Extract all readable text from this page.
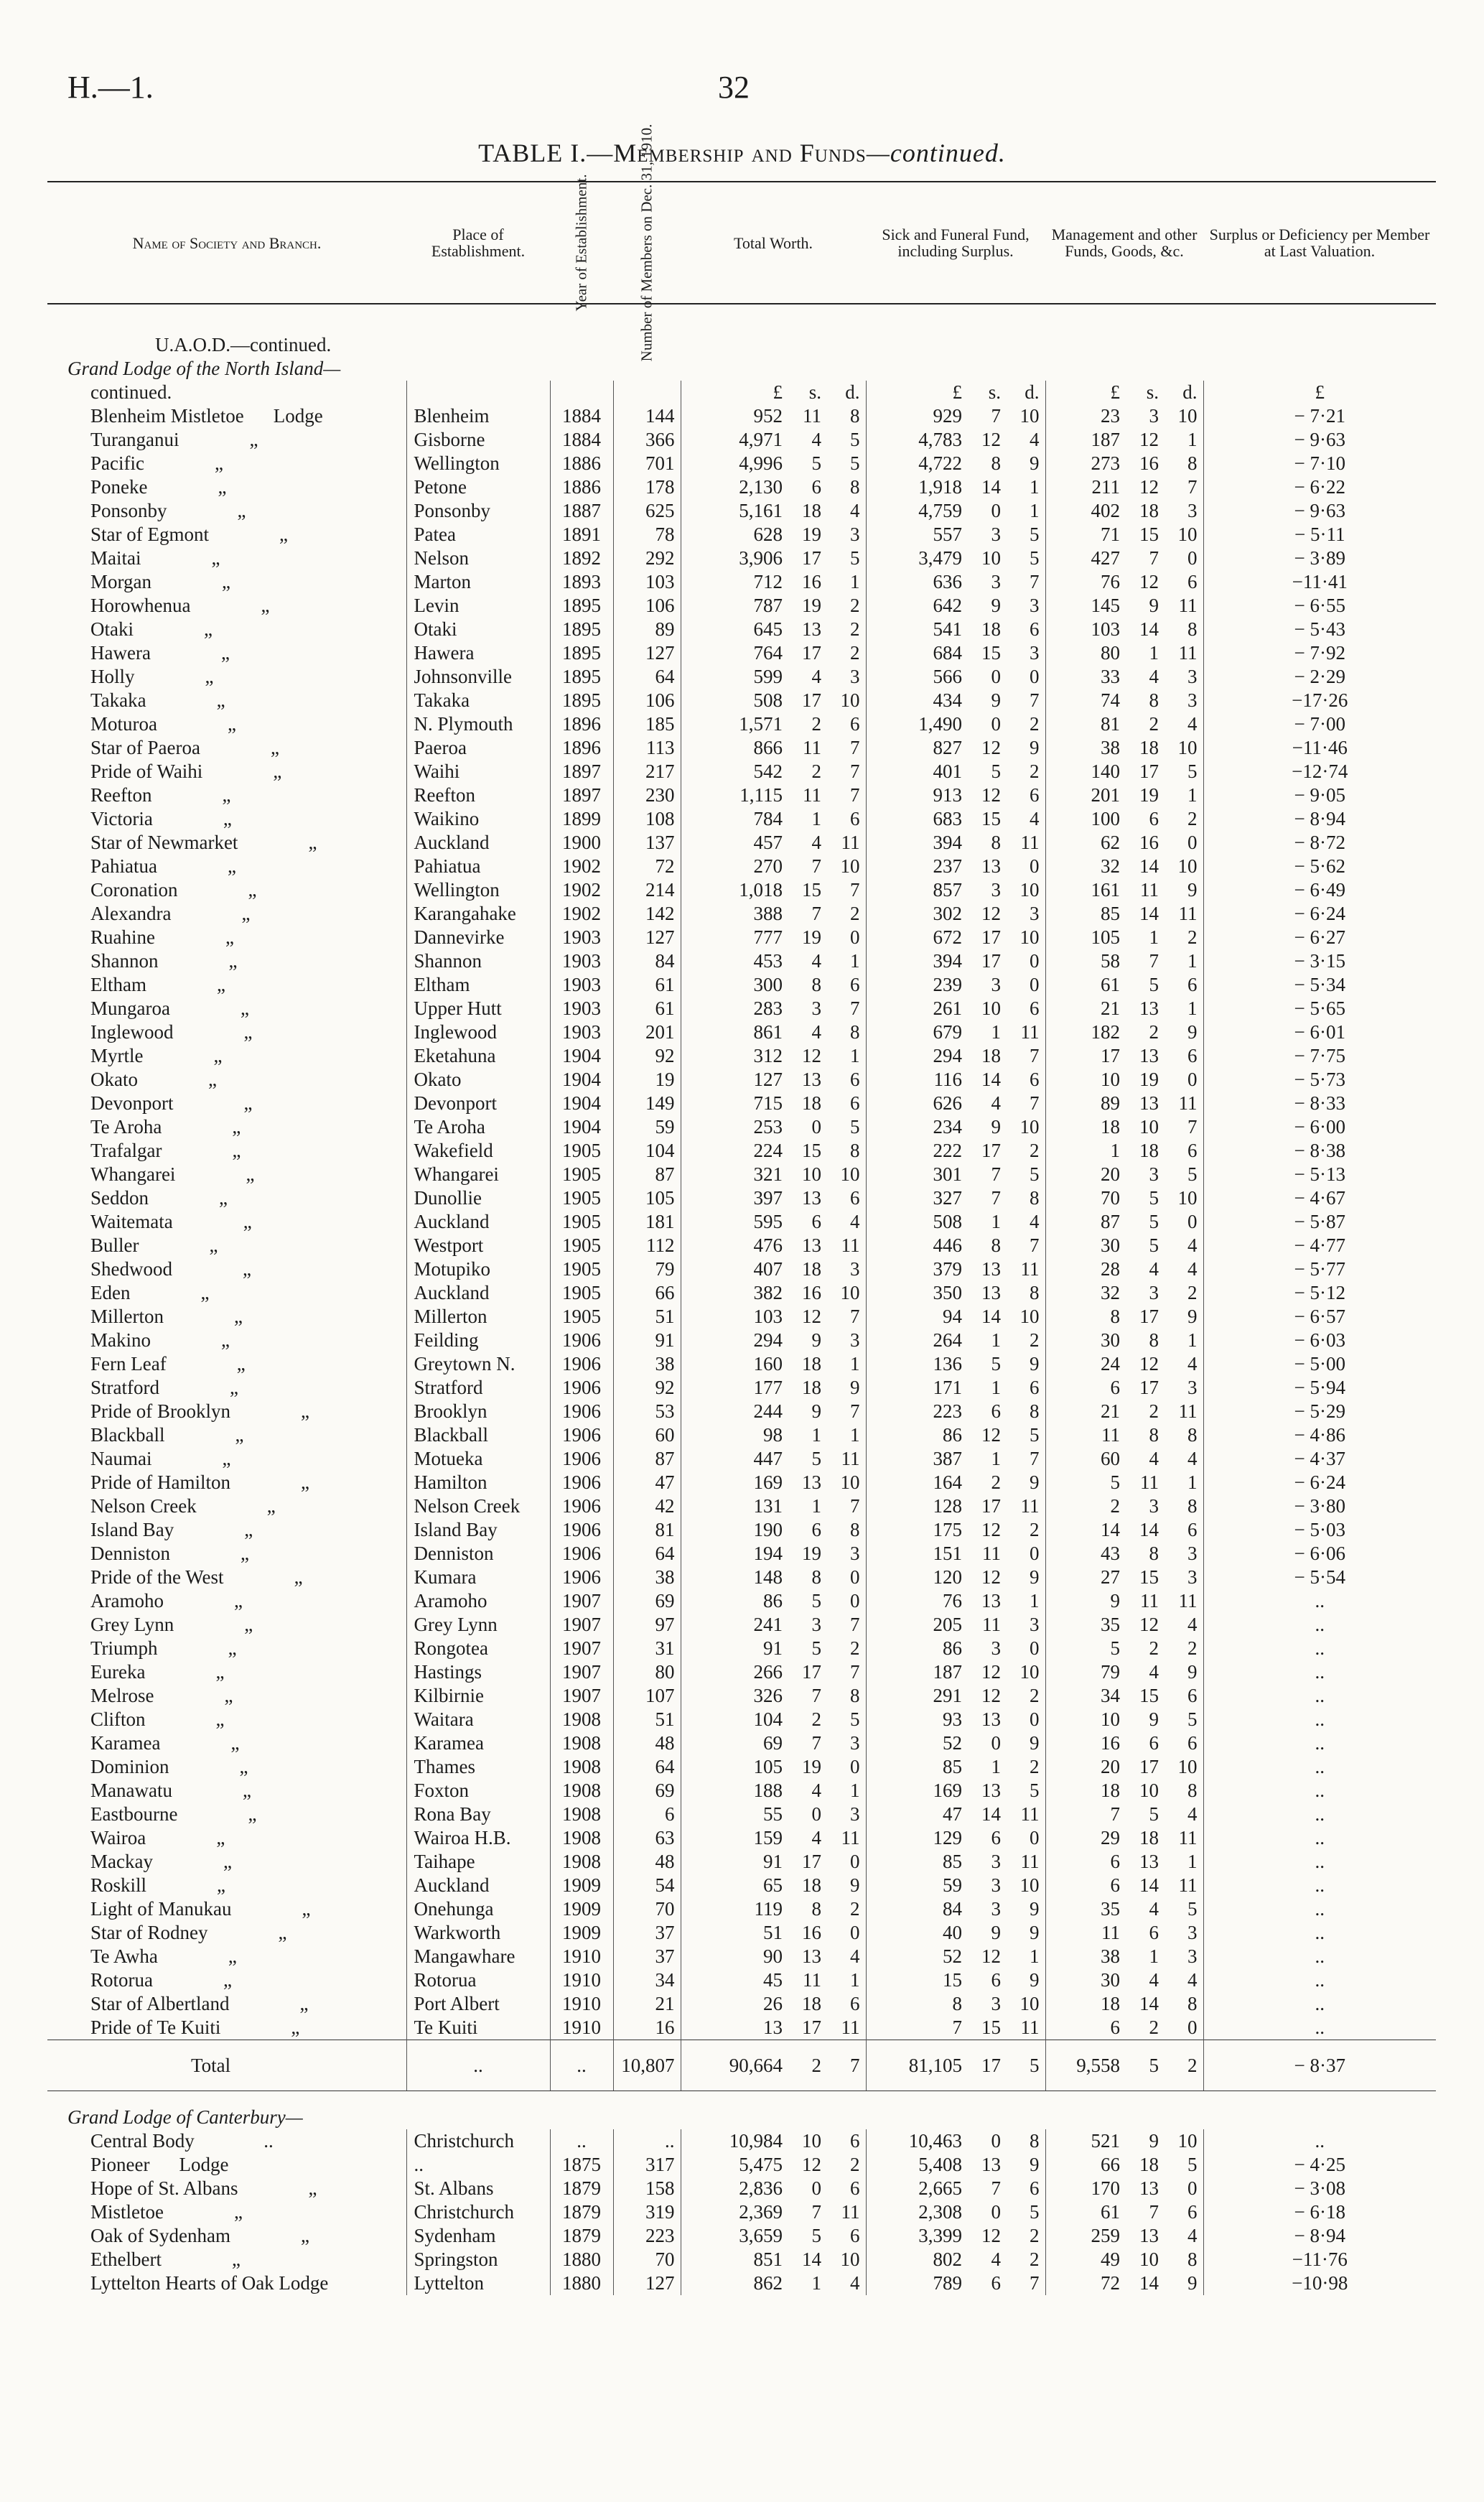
H.—1.	32
TABLE I.—Membership and Funds—continued.
Name of Society and Branch.	Place of Establishment.	Year of Establishment.	Number of Members on Dec. 31, 1910.	Total Worth.			Sick and Funeral Fund, including Surplus.			Management and other Funds, Goods, &c.			Surplus or Deficiency per Member at Last Valuation.

U.A.O.D.—continued.													
Grand Lodge of the North Island—													
continued.				£	s.	d.	£	s.	d.	£	s.	d.	£
Blenheim Mistletoe Lodge	Blenheim	1884	144	952	11	8	929	7	10	23	3	10	− 7·21
Turanganui „	Gisborne	1884	366	4,971	4	5	4,783	12	4	187	12	1	− 9·63
Pacific „	Wellington	1886	701	4,996	5	5	4,722	8	9	273	16	8	− 7·10
Poneke „	Petone	1886	178	2,130	6	8	1,918	14	1	211	12	7	− 6·22
Ponsonby „	Ponsonby	1887	625	5,161	18	4	4,759	0	1	402	18	3	− 9·63
Star of Egmont „	Patea	1891	78	628	19	3	557	3	5	71	15	10	− 5·11
Maitai „	Nelson	1892	292	3,906	17	5	3,479	10	5	427	7	0	− 3·89
Morgan „	Marton	1893	103	712	16	1	636	3	7	76	12	6	−11·41
Horowhenua „	Levin	1895	106	787	19	2	642	9	3	145	9	11	− 6·55
Otaki „	Otaki	1895	89	645	13	2	541	18	6	103	14	8	− 5·43
Hawera „	Hawera	1895	127	764	17	2	684	15	3	80	1	11	− 7·92
Holly „	Johnsonville	1895	64	599	4	3	566	0	0	33	4	3	− 2·29
Takaka „	Takaka	1895	106	508	17	10	434	9	7	74	8	3	−17·26
Moturoa „	N. Plymouth	1896	185	1,571	2	6	1,490	0	2	81	2	4	− 7·00
Star of Paeroa „	Paeroa	1896	113	866	11	7	827	12	9	38	18	10	−11·46
Pride of Waihi „	Waihi	1897	217	542	2	7	401	5	2	140	17	5	−12·74
Reefton „	Reefton	1897	230	1,115	11	7	913	12	6	201	19	1	− 9·05
Victoria „	Waikino	1899	108	784	1	6	683	15	4	100	6	2	− 8·94
Star of Newmarket „	Auckland	1900	137	457	4	11	394	8	11	62	16	0	− 8·72
Pahiatua „	Pahiatua	1902	72	270	7	10	237	13	0	32	14	10	− 5·62
Coronation „	Wellington	1902	214	1,018	15	7	857	3	10	161	11	9	− 6·49
Alexandra „	Karangahake	1902	142	388	7	2	302	12	3	85	14	11	− 6·24
Ruahine „	Dannevirke	1903	127	777	19	0	672	17	10	105	1	2	− 6·27
Shannon „	Shannon	1903	84	453	4	1	394	17	0	58	7	1	− 3·15
Eltham „	Eltham	1903	61	300	8	6	239	3	0	61	5	6	− 5·34
Mungaroa „	Upper Hutt	1903	61	283	3	7	261	10	6	21	13	1	− 5·65
Inglewood „	Inglewood	1903	201	861	4	8	679	1	11	182	2	9	− 6·01
Myrtle „	Eketahuna	1904	92	312	12	1	294	18	7	17	13	6	− 7·75
Okato „	Okato	1904	19	127	13	6	116	14	6	10	19	0	− 5·73
Devonport „	Devonport	1904	149	715	18	6	626	4	7	89	13	11	− 8·33
Te Aroha „	Te Aroha	1904	59	253	0	5	234	9	10	18	10	7	− 6·00
Trafalgar „	Wakefield	1905	104	224	15	8	222	17	2	1	18	6	− 8·38
Whangarei „	Whangarei	1905	87	321	10	10	301	7	5	20	3	5	− 5·13
Seddon „	Dunollie	1905	105	397	13	6	327	7	8	70	5	10	− 4·67
Waitemata „	Auckland	1905	181	595	6	4	508	1	4	87	5	0	− 5·87
Buller „	Westport	1905	112	476	13	11	446	8	7	30	5	4	− 4·77
Shedwood „	Motupiko	1905	79	407	18	3	379	13	11	28	4	4	− 5·77
Eden „	Auckland	1905	66	382	16	10	350	13	8	32	3	2	− 5·12
Millerton „	Millerton	1905	51	103	12	7	94	14	10	8	17	9	− 6·57
Makino „	Feilding	1906	91	294	9	3	264	1	2	30	8	1	− 6·03
Fern Leaf „	Greytown N.	1906	38	160	18	1	136	5	9	24	12	4	− 5·00
Stratford „	Stratford	1906	92	177	18	9	171	1	6	6	17	3	− 5·94
Pride of Brooklyn „	Brooklyn	1906	53	244	9	7	223	6	8	21	2	11	− 5·29
Blackball „	Blackball	1906	60	98	1	1	86	12	5	11	8	8	− 4·86
Naumai „	Motueka	1906	87	447	5	11	387	1	7	60	4	4	− 4·37
Pride of Hamilton „	Hamilton	1906	47	169	13	10	164	2	9	5	11	1	− 6·24
Nelson Creek „	Nelson Creek	1906	42	131	1	7	128	17	11	2	3	8	− 3·80
Island Bay „	Island Bay	1906	81	190	6	8	175	12	2	14	14	6	− 5·03
Denniston „	Denniston	1906	64	194	19	3	151	11	0	43	8	3	− 6·06
Pride of the West „	Kumara	1906	38	148	8	0	120	12	9	27	15	3	− 5·54
Aramoho „	Aramoho	1907	69	86	5	0	76	13	1	9	11	11	..
Grey Lynn „	Grey Lynn	1907	97	241	3	7	205	11	3	35	12	4	..
Triumph „	Rongotea	1907	31	91	5	2	86	3	0	5	2	2	..
Eureka „	Hastings	1907	80	266	17	7	187	12	10	79	4	9	..
Melrose „	Kilbirnie	1907	107	326	7	8	291	12	2	34	15	6	..
Clifton „	Waitara	1908	51	104	2	5	93	13	0	10	9	5	..
Karamea „	Karamea	1908	48	69	7	3	52	0	9	16	6	6	..
Dominion „	Thames	1908	64	105	19	0	85	1	2	20	17	10	..
Manawatu „	Foxton	1908	69	188	4	1	169	13	5	18	10	8	..
Eastbourne „	Rona Bay	1908	6	55	0	3	47	14	11	7	5	4	..
Wairoa „	Wairoa H.B.	1908	63	159	4	11	129	6	0	29	18	11	..
Mackay „	Taihape	1908	48	91	17	0	85	3	11	6	13	1	..
Roskill „	Auckland	1909	54	65	18	9	59	3	10	6	14	11	..
Light of Manukau „	Onehunga	1909	70	119	8	2	84	3	9	35	4	5	..
Star of Rodney „	Warkworth	1909	37	51	16	0	40	9	9	11	6	3	..
Te Awha „	Mangawhare	1910	37	90	13	4	52	12	1	38	1	3	..
Rotorua „	Rotorua	1910	34	45	11	1	15	6	9	30	4	4	..
Star of Albertland „	Port Albert	1910	21	26	18	6	8	3	10	18	14	8	..
Pride of Te Kuiti „	Te Kuiti	1910	16	13	17	11	7	15	11	6	2	0	..
Total	..	..	10,807	90,664	2	7	81,105	17	5	9,558	5	2	− 8·37

Grand Lodge of Canterbury—													
Central Body ..	Christchurch	..	..	10,984	10	6	10,463	0	8	521	9	10	..
Pioneer Lodge	..	1875	317	5,475	12	2	5,408	13	9	66	18	5	− 4·25
Hope of St. Albans „	St. Albans	1879	158	2,836	0	6	2,665	7	6	170	13	0	− 3·08
Mistletoe „	Christchurch	1879	319	2,369	7	11	2,308	0	5	61	7	6	− 6·18
Oak of Sydenham „	Sydenham	1879	223	3,659	5	6	3,399	12	2	259	13	4	− 8·94
Ethelbert „	Springston	1880	70	851	14	10	802	4	2	49	10	8	−11·76
Lyttelton Hearts of Oak Lodge	Lyttelton	1880	127	862	1	4	789	6	7	72	14	9	−10·98
